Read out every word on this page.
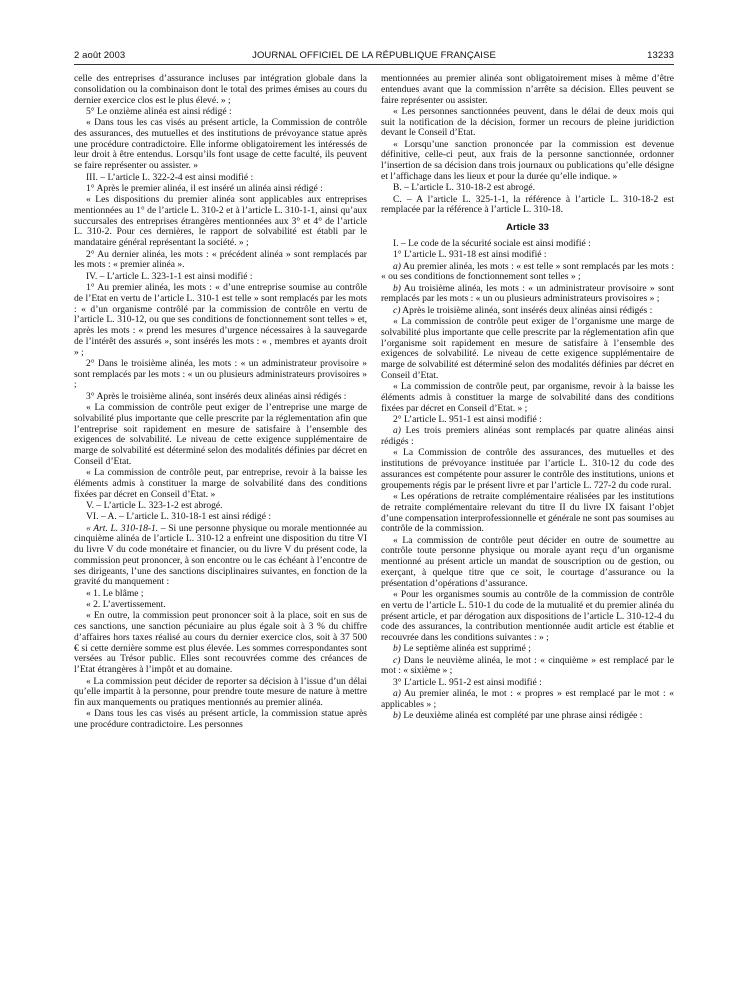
2 août 2003	JOURNAL OFFICIEL DE LA RÉPUBLIQUE FRANÇAISE	13233

celle des entreprises d’assurance incluses par intégration globale dans la consolidation ou la combinaison dont le total des primes émises au cours du dernier exercice clos est le plus élevé. » ;

5° Le onzième alinéa est ainsi rédigé :

« Dans tous les cas visés au présent article, la Commission de contrôle des assurances, des mutuelles et des institutions de prévoyance statue après une procédure contradictoire. Elle informe obligatoirement les intéressés de leur droit à être entendus. Lorsqu’ils font usage de cette faculté, ils peuvent se faire représenter ou assister. »

III. – L’article L. 322-2-4 est ainsi modifié :

1° Après le premier alinéa, il est inséré un alinéa ainsi rédigé :

« Les dispositions du premier alinéa sont applicables aux entreprises mentionnées au 1° de l’article L. 310-2 et à l’article L. 310-1-1, ainsi qu’aux succursales des entreprises étrangères mentionnées aux 3° et 4° de l’article L. 310-2. Pour ces dernières, le rapport de solvabilité est établi par le mandataire général représentant la société. » ;

2° Au dernier alinéa, les mots : « précédent alinéa » sont remplacés par les mots : « premier alinéa ».

IV. – L’article L. 323-1-1 est ainsi modifié :

1° Au premier alinéa, les mots : « d’une entreprise soumise au contrôle de l’Etat en vertu de l’article L. 310-1 est telle » sont remplacés par les mots : « d’un organisme contrôlé par la commission de contrôle en vertu de l’article L. 310-12, ou que ses conditions de fonctionnement sont telles » et, après les mots : « prend les mesures d’urgence nécessaires à la sauvegarde de l’intérêt des assurés », sont insérés les mots : « , membres et ayants droit » ;

2° Dans le troisième alinéa, les mots : « un administrateur provisoire » sont remplacés par les mots : « un ou plusieurs administrateurs provisoires » ;

3° Après le troisième alinéa, sont insérés deux alinéas ainsi rédigés :

« La commission de contrôle peut exiger de l’entreprise une marge de solvabilité plus importante que celle prescrite par la réglementation afin que l’entreprise soit rapidement en mesure de satisfaire à l’ensemble des exigences de solvabilité. Le niveau de cette exigence supplémentaire de marge de solvabilité est déterminé selon des modalités définies par décret en Conseil d’Etat.

« La commission de contrôle peut, par entreprise, revoir à la baisse les éléments admis à constituer la marge de solvabilité dans des conditions fixées par décret en Conseil d’Etat. »

V. – L’article L. 323-1-2 est abrogé.

VI. – A. – L’article L. 310-18-1 est ainsi rédigé :

« Art. L. 310-18-1. – Si une personne physique ou morale mentionnée au cinquième alinéa de l’article L. 310-12 a enfreint une disposition du titre VI du livre V du code monétaire et financier, ou du livre V du présent code, la commission peut prononcer, à son encontre ou le cas échéant à l’encontre de ses dirigeants, l’une des sanctions disciplinaires suivantes, en fonction de la gravité du manquement :

« 1. Le blâme ;

« 2. L’avertissement.

« En outre, la commission peut prononcer soit à la place, soit en sus de ces sanctions, une sanction pécuniaire au plus égale soit à 3 % du chiffre d’affaires hors taxes réalisé au cours du dernier exercice clos, soit à 37 500 € si cette dernière somme est plus élevée. Les sommes correspondantes sont versées au Trésor public. Elles sont recouvrées comme des créances de l’Etat étrangères à l’impôt et au domaine.

« La commission peut décider de reporter sa décision à l’issue d’un délai qu’elle impartit à la personne, pour prendre toute mesure de nature à mettre fin aux manquements ou pratiques mentionnés au premier alinéa.

« Dans tous les cas visés au présent article, la commission statue après une procédure contradictoire. Les personnes

mentionnées au premier alinéa sont obligatoirement mises à même d’être entendues avant que la commission n’arrête sa décision. Elles peuvent se faire représenter ou assister.

« Les personnes sanctionnées peuvent, dans le délai de deux mois qui suit la notification de la décision, former un recours de pleine juridiction devant le Conseil d’Etat.

« Lorsqu’une sanction prononcée par la commission est devenue définitive, celle-ci peut, aux frais de la personne sanctionnée, ordonner l’insertion de sa décision dans trois journaux ou publications qu’elle désigne et l’affichage dans les lieux et pour la durée qu’elle indique. »

B. – L’article L. 310-18-2 est abrogé.

C. – A l’article L. 325-1-1, la référence à l’article L. 310-18-2 est remplacée par la référence à l’article L. 310-18.

Article 33

I. – Le code de la sécurité sociale est ainsi modifié :

1° L’article L. 931-18 est ainsi modifié :

a) Au premier alinéa, les mots : « est telle » sont remplacés par les mots : « ou ses conditions de fonctionnement sont telles » ;

b) Au troisième alinéa, les mots : « un administrateur provisoire » sont remplacés par les mots : « un ou plusieurs administrateurs provisoires » ;

c) Après le troisième alinéa, sont insérés deux alinéas ainsi rédigés :

« La commission de contrôle peut exiger de l’organisme une marge de solvabilité plus importante que celle prescrite par la réglementation afin que l’organisme soit rapidement en mesure de satisfaire à l’ensemble des exigences de solvabilité. Le niveau de cette exigence supplémentaire de marge de solvabilité est déterminé selon des modalités définies par décret en Conseil d’Etat.

« La commission de contrôle peut, par organisme, revoir à la baisse les éléments admis à constituer la marge de solvabilité dans des conditions fixées par décret en Conseil d’Etat. » ;

2° L’article L. 951-1 est ainsi modifié :

a) Les trois premiers alinéas sont remplacés par quatre alinéas ainsi rédigés :

« La Commission de contrôle des assurances, des mutuelles et des institutions de prévoyance instituée par l’article L. 310-12 du code des assurances est compétente pour assurer le contrôle des institutions, unions et groupements régis par le présent livre et par l’article L. 727-2 du code rural.

« Les opérations de retraite complémentaire réalisées par les institutions de retraite complémentaire relevant du titre II du livre IX faisant l’objet d’une compensation interprofessionnelle et générale ne sont pas soumises au contrôle de la commission.

« La commission de contrôle peut décider en outre de soumettre au contrôle toute personne physique ou morale ayant reçu d’un organisme mentionné au présent article un mandat de souscription ou de gestion, ou exerçant, à quelque titre que ce soit, le courtage d’assurance ou la présentation d’opérations d’assurance.

« Pour les organismes soumis au contrôle de la commission de contrôle en vertu de l’article L. 510-1 du code de la mutualité et du premier alinéa du présent article, et par dérogation aux dispositions de l’article L. 310-12-4 du code des assurances, la contribution mentionnée audit article est établie et recouvrée dans les conditions suivantes : » ;

b) Le septième alinéa est supprimé ;

c) Dans le neuvième alinéa, le mot : « cinquième » est remplacé par le mot : « sixième » ;

3° L’article L. 951-2 est ainsi modifié :

a) Au premier alinéa, le mot : « propres » est remplacé par le mot : « applicables » ;

b) Le deuxième alinéa est complété par une phrase ainsi rédigée :
